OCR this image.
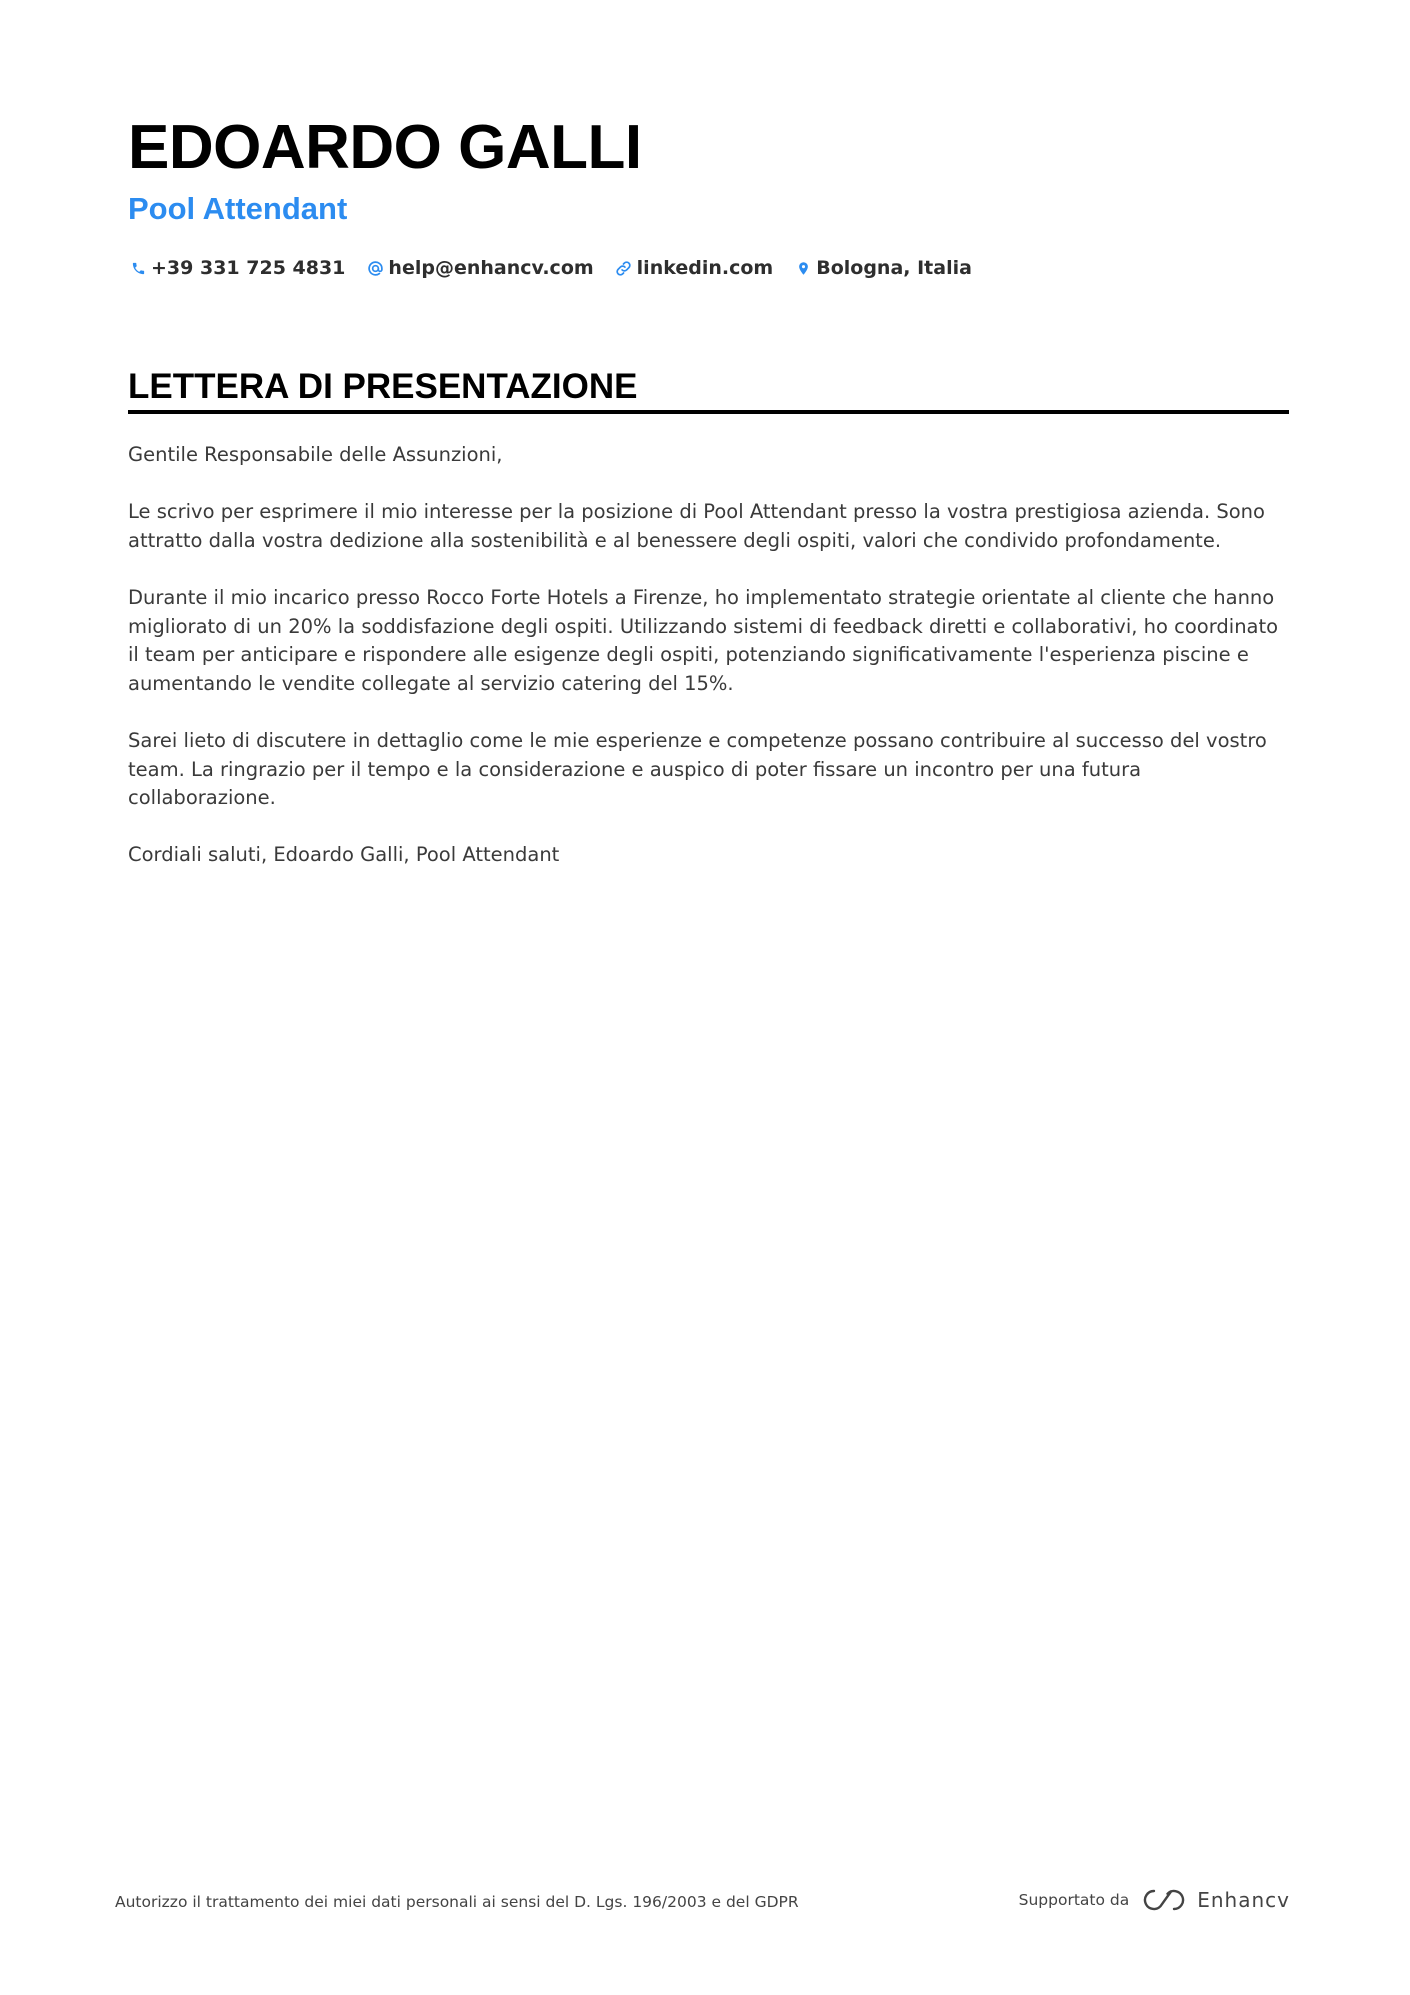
EDOARDO GALLI
Pool Attendant
+39 331 725 4831 help@enhancv.com linkedin.com Bologna, Italia
LETTERA DI PRESENTAZIONE

Gentile Responsabile delle Assunzioni,

Le scrivo per esprimere il mio interesse per la posizione di Pool Attendant presso la vostra prestigiosa azienda. Sono attratto dalla vostra dedizione alla sostenibilità e al benessere degli ospiti, valori che condivido profondamente.

Durante il mio incarico presso Rocco Forte Hotels a Firenze, ho implementato strategie orientate al cliente che hanno migliorato di un 20% la soddisfazione degli ospiti. Utilizzando sistemi di feedback diretti e collaborativi, ho coordinato il team per anticipare e rispondere alle esigenze degli ospiti, potenziando significativamente l'esperienza piscine e aumentando le vendite collegate al servizio catering del 15%.

Sarei lieto di discutere in dettaglio come le mie esperienze e competenze possano contribuire al successo del vostro team. La ringrazio per il tempo e la considerazione e auspico di poter fissare un incontro per una futura collaborazione.

Cordiali saluti, Edoardo Galli, Pool Attendant

Autorizzo il trattamento dei miei dati personali ai sensi del D. Lgs. 196/2003 e del GDPR	Supportato da	Enhancv
